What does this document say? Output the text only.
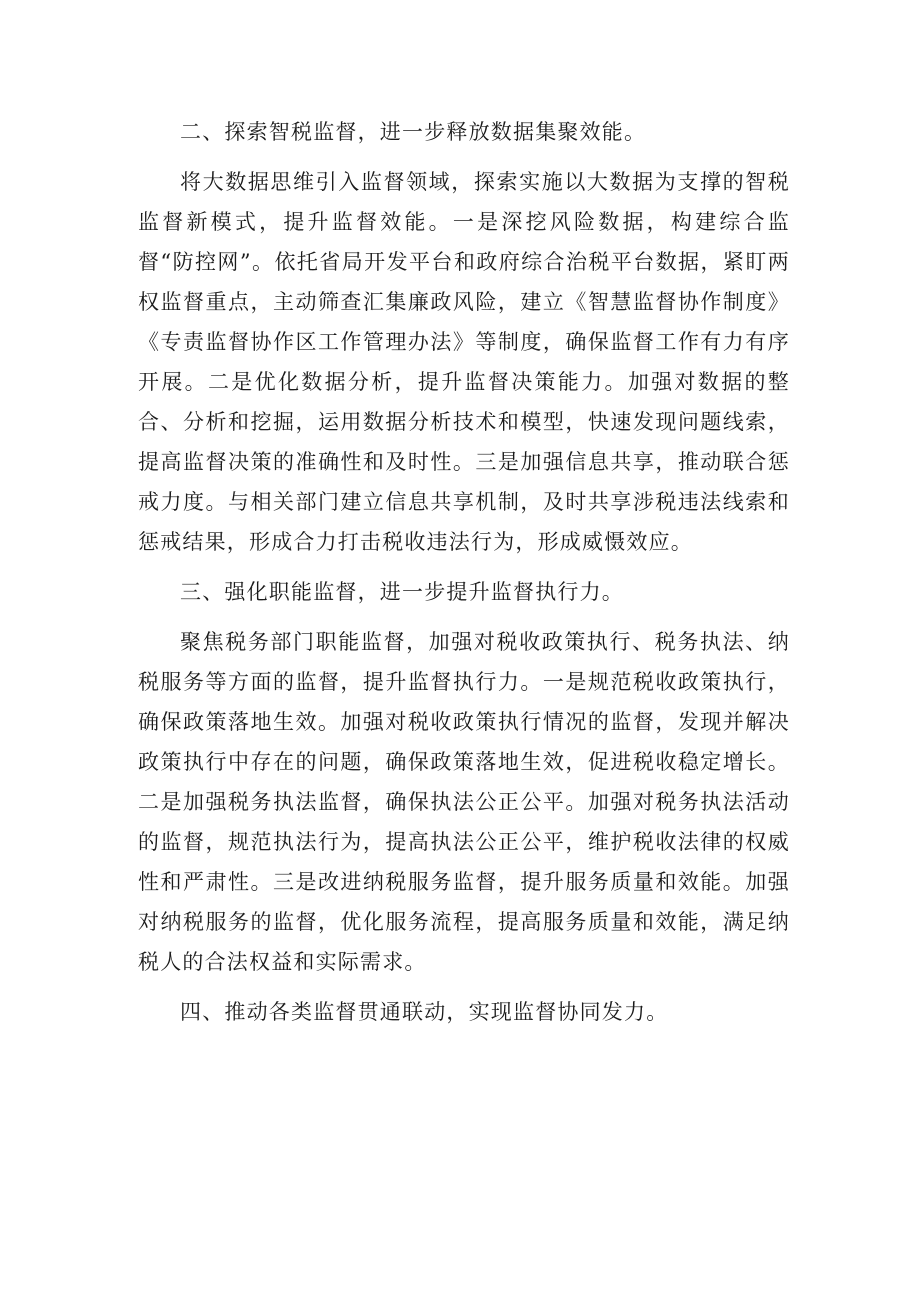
二、探索智税监督，进一步释放数据集聚效能。

将大数据思维引入监督领域，探索实施以大数据为支撑的智税监督新模式，提升监督效能。一是深挖风险数据，构建综合监督“防控网”。依托省局开发平台和政府综合治税平台数据，紧盯两权监督重点，主动筛查汇集廉政风险，建立《智慧监督协作制度》《专责监督协作区工作管理办法》等制度，确保监督工作有力有序开展。二是优化数据分析，提升监督决策能力。加强对数据的整合、分析和挖掘，运用数据分析技术和模型，快速发现问题线索，提高监督决策的准确性和及时性。三是加强信息共享，推动联合惩戒力度。与相关部门建立信息共享机制，及时共享涉税违法线索和惩戒结果，形成合力打击税收违法行为，形成威慑效应。

三、强化职能监督，进一步提升监督执行力。

聚焦税务部门职能监督，加强对税收政策执行、税务执法、纳税服务等方面的监督，提升监督执行力。一是规范税收政策执行，确保政策落地生效。加强对税收政策执行情况的监督，发现并解决政策执行中存在的问题，确保政策落地生效，促进税收稳定增长。二是加强税务执法监督，确保执法公正公平。加强对税务执法活动的监督，规范执法行为，提高执法公正公平，维护税收法律的权威性和严肃性。三是改进纳税服务监督，提升服务质量和效能。加强对纳税服务的监督，优化服务流程，提高服务质量和效能，满足纳税人的合法权益和实际需求。

四、推动各类监督贯通联动，实现监督协同发力。
